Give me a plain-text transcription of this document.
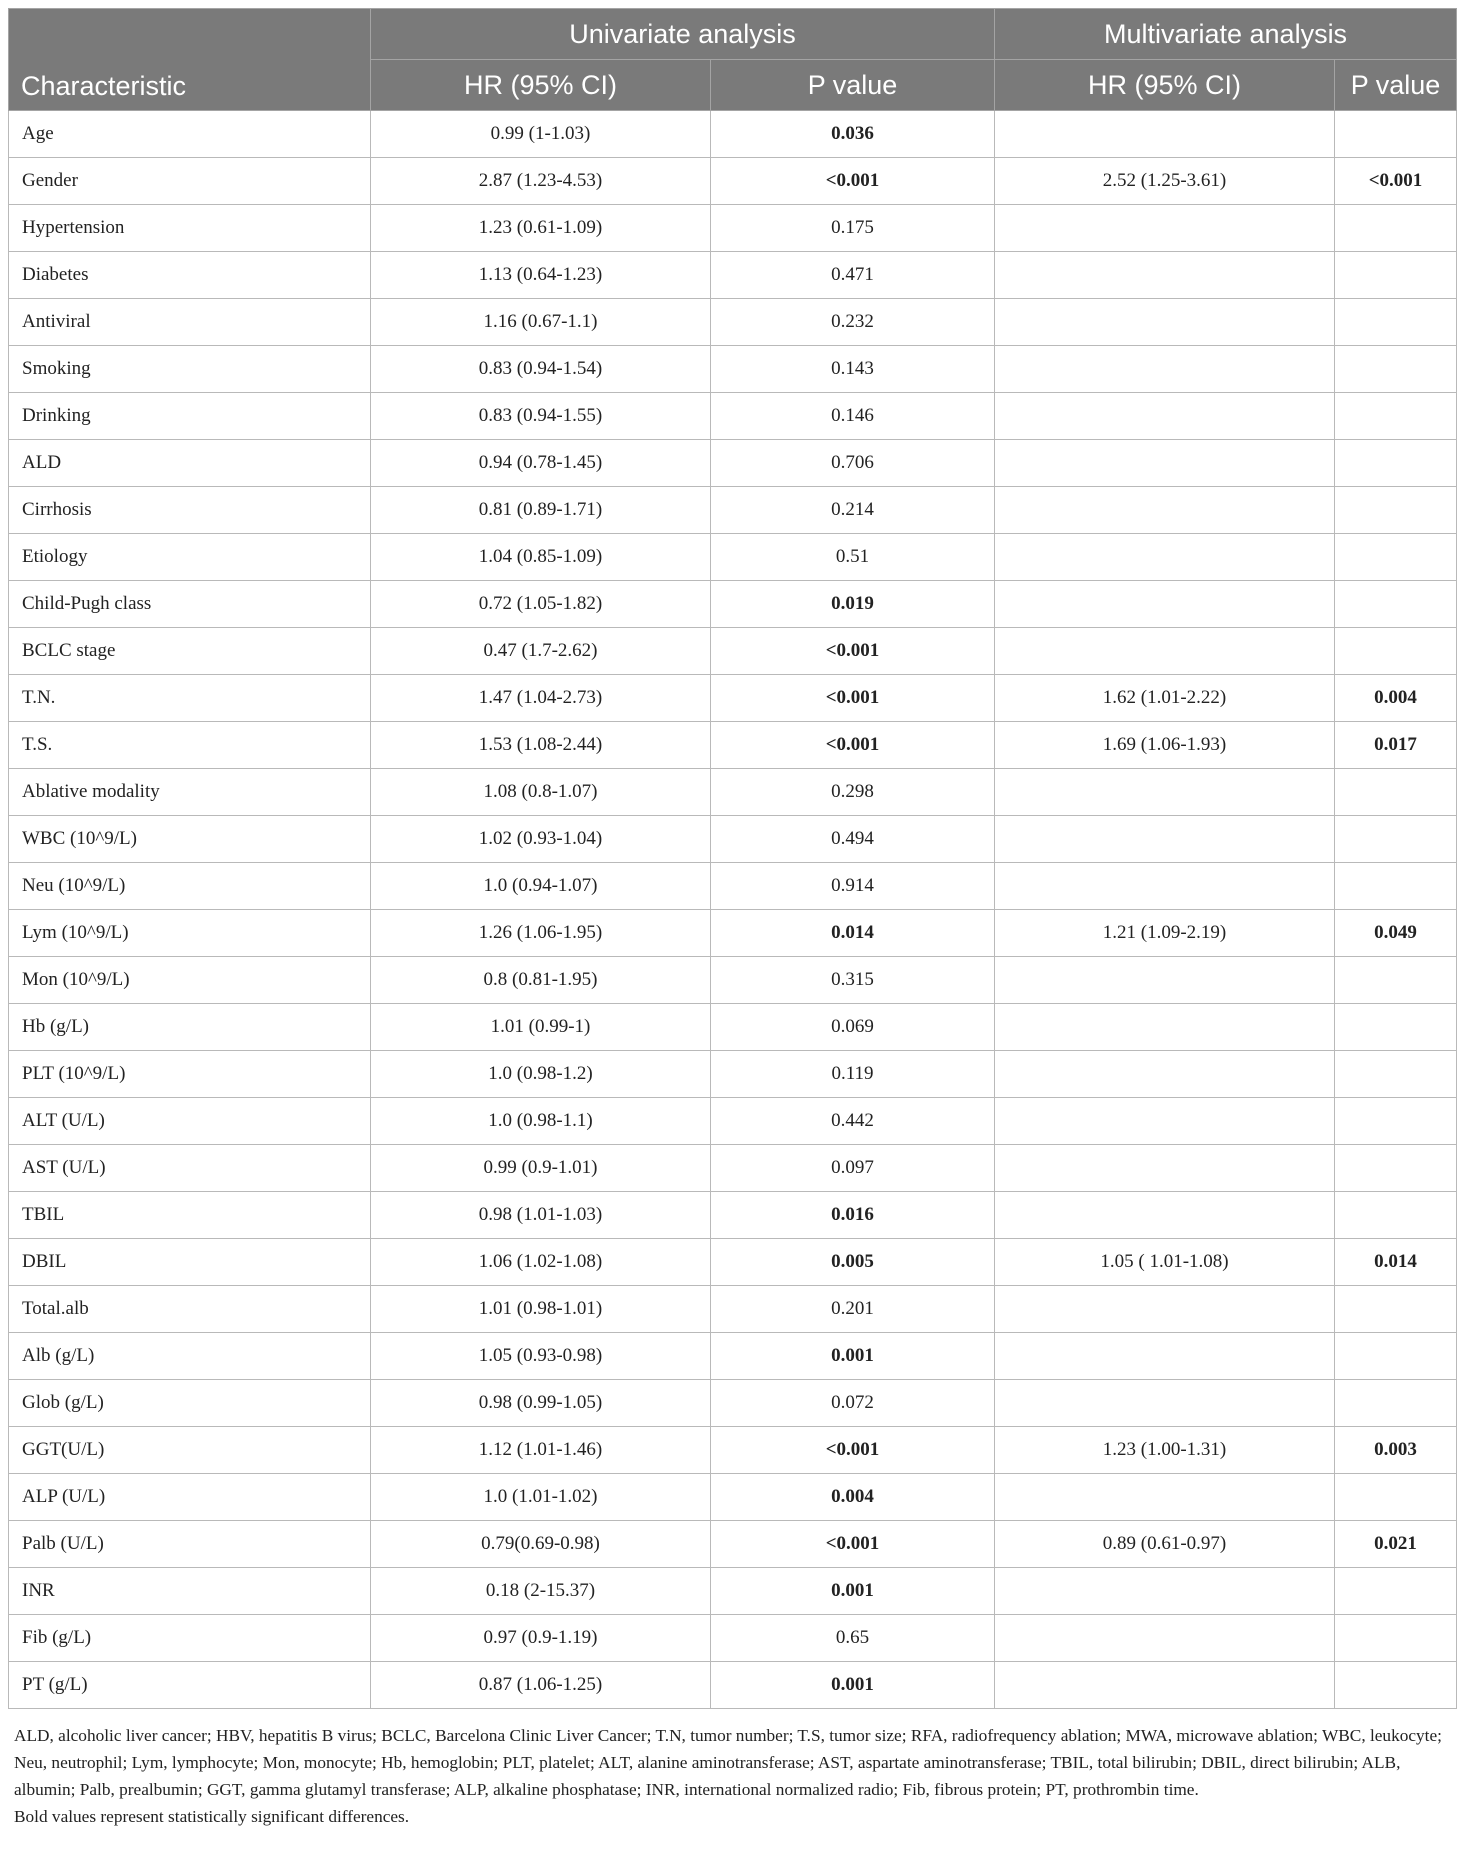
Characteristic	Univariate analysis		Multivariate analysis	
	HR (95% CI)	P value	HR (95% CI)	P value
Age	0.99 (1-1.03)	0.036		
Gender	2.87 (1.23-4.53)	<0.001	2.52 (1.25-3.61)	<0.001
Hypertension	1.23 (0.61-1.09)	0.175		
Diabetes	1.13 (0.64-1.23)	0.471		
Antiviral	1.16 (0.67-1.1)	0.232		
Smoking	0.83 (0.94-1.54)	0.143		
Drinking	0.83 (0.94-1.55)	0.146		
ALD	0.94 (0.78-1.45)	0.706		
Cirrhosis	0.81 (0.89-1.71)	0.214		
Etiology	1.04 (0.85-1.09)	0.51		
Child-Pugh class	0.72 (1.05-1.82)	0.019		
BCLC stage	0.47 (1.7-2.62)	<0.001		
T.N.	1.47 (1.04-2.73)	<0.001	1.62 (1.01-2.22)	0.004
T.S.	1.53 (1.08-2.44)	<0.001	1.69 (1.06-1.93)	0.017
Ablative modality	1.08 (0.8-1.07)	0.298		
WBC (10^9/L)	1.02 (0.93-1.04)	0.494		
Neu (10^9/L)	1.0 (0.94-1.07)	0.914		
Lym (10^9/L)	1.26 (1.06-1.95)	0.014	1.21 (1.09-2.19)	0.049
Mon (10^9/L)	0.8 (0.81-1.95)	0.315		
Hb (g/L)	1.01 (0.99-1)	0.069		
PLT (10^9/L)	1.0 (0.98-1.2)	0.119		
ALT (U/L)	1.0 (0.98-1.1)	0.442		
AST (U/L)	0.99 (0.9-1.01)	0.097		
TBIL	0.98 (1.01-1.03)	0.016		
DBIL	1.06 (1.02-1.08)	0.005	1.05 ( 1.01-1.08)	0.014
Total.alb	1.01 (0.98-1.01)	0.201		
Alb (g/L)	1.05 (0.93-0.98)	0.001		
Glob (g/L)	0.98 (0.99-1.05)	0.072		
GGT(U/L)	1.12 (1.01-1.46)	<0.001	1.23 (1.00-1.31)	0.003
ALP (U/L)	1.0 (1.01-1.02)	0.004		
Palb (U/L)	0.79(0.69-0.98)	<0.001	0.89 (0.61-0.97)	0.021
INR	0.18 (2-15.37)	0.001		
Fib (g/L)	0.97 (0.9-1.19)	0.65		
PT (g/L)	0.87 (1.06-1.25)	0.001		

ALD, alcoholic liver cancer; HBV, hepatitis B virus; BCLC, Barcelona Clinic Liver Cancer; T.N, tumor number; T.S, tumor size; RFA, radiofrequency ablation; MWA, microwave ablation; WBC, leukocyte; Neu, neutrophil; Lym, lymphocyte; Mon, monocyte; Hb, hemoglobin; PLT, platelet; ALT, alanine aminotransferase; AST, aspartate aminotransferase; TBIL, total bilirubin; DBIL, direct bilirubin; ALB, albumin; Palb, prealbumin; GGT, gamma glutamyl transferase; ALP, alkaline phosphatase; INR, international normalized radio; Fib, fibrous protein; PT, prothrombin time.

Bold values represent statistically significant differences.
